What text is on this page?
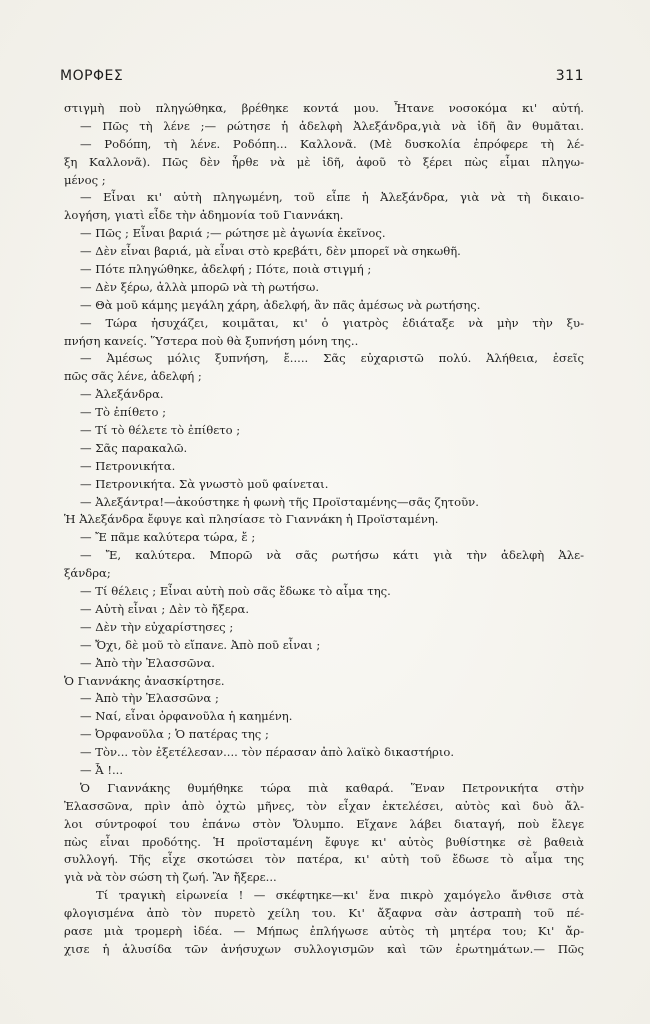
ΜΟΡΦΕΣ	311
στιγμὴ ποὺ πληγώθηκα, βρέθηκε κοντά μου. Ἦτανε νοσοκόμα κι' αὐτή.
— Πῶς τὴ λένε ;— ρώτησε ἡ ἀδελφὴ Ἀλεξάνδρα,γιὰ νὰ ἰδῆ ἂν θυμᾶται.
— Ροδόπη, τὴ λένε. Ροδόπη... Καλλονᾶ. (Μὲ δυσκολία ἐπρόφερε τὴ λέ-
ξη Καλλονᾶ). Πῶς δὲν ἦρθε νὰ μὲ ἰδῆ, ἀφοῦ τὸ ξέρει πὼς εἶμαι πληγω-
μένος ;
— Εἶναι κι' αὐτὴ πληγωμένη, τοῦ εἶπε ἡ Ἀλεξάνδρα, γιὰ νὰ τὴ δικαιο-
λογήση, γιατὶ εἶδε τὴν ἀδημονία τοῦ Γιαννάκη.
— Πῶς ; Εἶναι βαριά ;— ρώτησε μὲ ἀγωνία ἐκεῖνος.
— Δὲν εἶναι βαριά, μὰ εἶναι στὸ κρεβάτι, δὲν μπορεῖ νὰ σηκωθῆ.
— Πότε πληγώθηκε, ἀδελφή ; Πότε, ποιὰ στιγμή ;
— Δὲν ξέρω, ἀλλὰ μπορῶ νὰ τὴ ρωτήσω.
— Θὰ μοῦ κάμης μεγάλη χάρη, ἀδελφή, ἂν πᾶς ἀμέσως νὰ ρωτήσης.
— Τώρα ἡσυχάζει, κοιμᾶται, κι' ὁ γιατρὸς ἐδιάταξε νὰ μὴν τὴν ξυ-
πνήση κανείς. Ὕστερα ποὺ θὰ ξυπνήση μόνη της..
— Ἀμέσως μόλις ξυπνήση, ἔ..... Σᾶς εὐχαριστῶ πολύ. Ἀλήθεια, ἐσεῖς
πῶς σᾶς λένε, ἀδελφή ;
— Ἀλεξάνδρα.
— Τὸ ἐπίθετο ;
— Τί τὸ θέλετε τὸ ἐπίθετο ;
— Σᾶς παρακαλῶ.
— Πετρονικήτα.
— Πετρονικήτα. Σὰ γνωστὸ μοῦ φαίνεται.
— Ἀλεξάντρα!—ἀκούστηκε ἡ φωνὴ τῆς Προϊσταμένης—σᾶς ζητοῦν.
Ἡ Ἀλεξάνδρα ἔφυγε καὶ πλησίασε τὸ Γιαννάκη ἡ Προϊσταμένη.
— Ἔ πᾶμε καλύτερα τώρα, ἔ ;
— Ἔ, καλύτερα. Μπορῶ νὰ σᾶς ρωτήσω κάτι γιὰ τὴν ἀδελφὴ Ἀλε-
ξάνδρα;
— Τί θέλεις ; Εἶναι αὐτὴ ποὺ σᾶς ἔδωκε τὸ αἷμα της.
— Αὐτὴ εἶναι ; Δὲν τὸ ἤξερα.
— Δὲν τὴν εὐχαρίστησες ;
— Ὄχι, δὲ μοῦ τὸ εἴπανε. Ἀπὸ ποῦ εἶναι ;
— Ἀπὸ τὴν Ἐλασσῶνα.
Ὁ Γιαννάκης ἀνασκίρτησε.
— Ἀπὸ τὴν Ἐλασσῶνα ;
— Ναί, εἶναι ὀρφανοῦλα ἡ καημένη.
— Ὀρφανοῦλα ; Ὁ πατέρας της ;
— Τὸν... τὸν ἐξετέλεσαν.... τὸν πέρασαν ἀπὸ λαϊκὸ δικαστήριο.
— Ἆ !...
Ὁ Γιαννάκης θυμήθηκε τώρα πιὰ καθαρά. Ἕναν Πετρονικήτα στὴν
Ἐλασσῶνα, πρὶν ἀπὸ ὀχτὼ μῆνες, τὸν εἶχαν ἐκτελέσει, αὐτὸς καὶ δυὸ ἄλ-
λοι σύντροφοί του ἐπάνω στὸν Ὄλυμπο. Εἴχανε λάβει διαταγή, ποὺ ἔλεγε
πὼς εἶναι προδότης. Ἡ προϊσταμένη ἔφυγε κι' αὐτὸς βυθίστηκε σὲ βαθειὰ
συλλογή. Τῆς εἶχε σκοτώσει τὸν πατέρα, κι' αὐτὴ τοῦ ἔδωσε τὸ αἷμα της
γιὰ νὰ τὸν σώση τὴ ζωή. Ἂν ἤξερε...
Τί τραγικὴ εἰρωνεία ! — σκέφτηκε—κι' ἕνα πικρὸ χαμόγελο ἄνθισε στὰ
φλογισμένα ἀπὸ τὸν πυρετὸ χείλη του. Κι' ἄξαφνα σὰν ἀστραπὴ τοῦ πέ-
ρασε μιὰ τρομερὴ ἰδέα. — Μήπως ἐπλήγωσε αὐτὸς τὴ μητέρα του; Κι' ἄρ-
χισε ἡ ἁλυσίδα τῶν ἀνήσυχων συλλογισμῶν καὶ τῶν ἐρωτημάτων.— Πῶς
